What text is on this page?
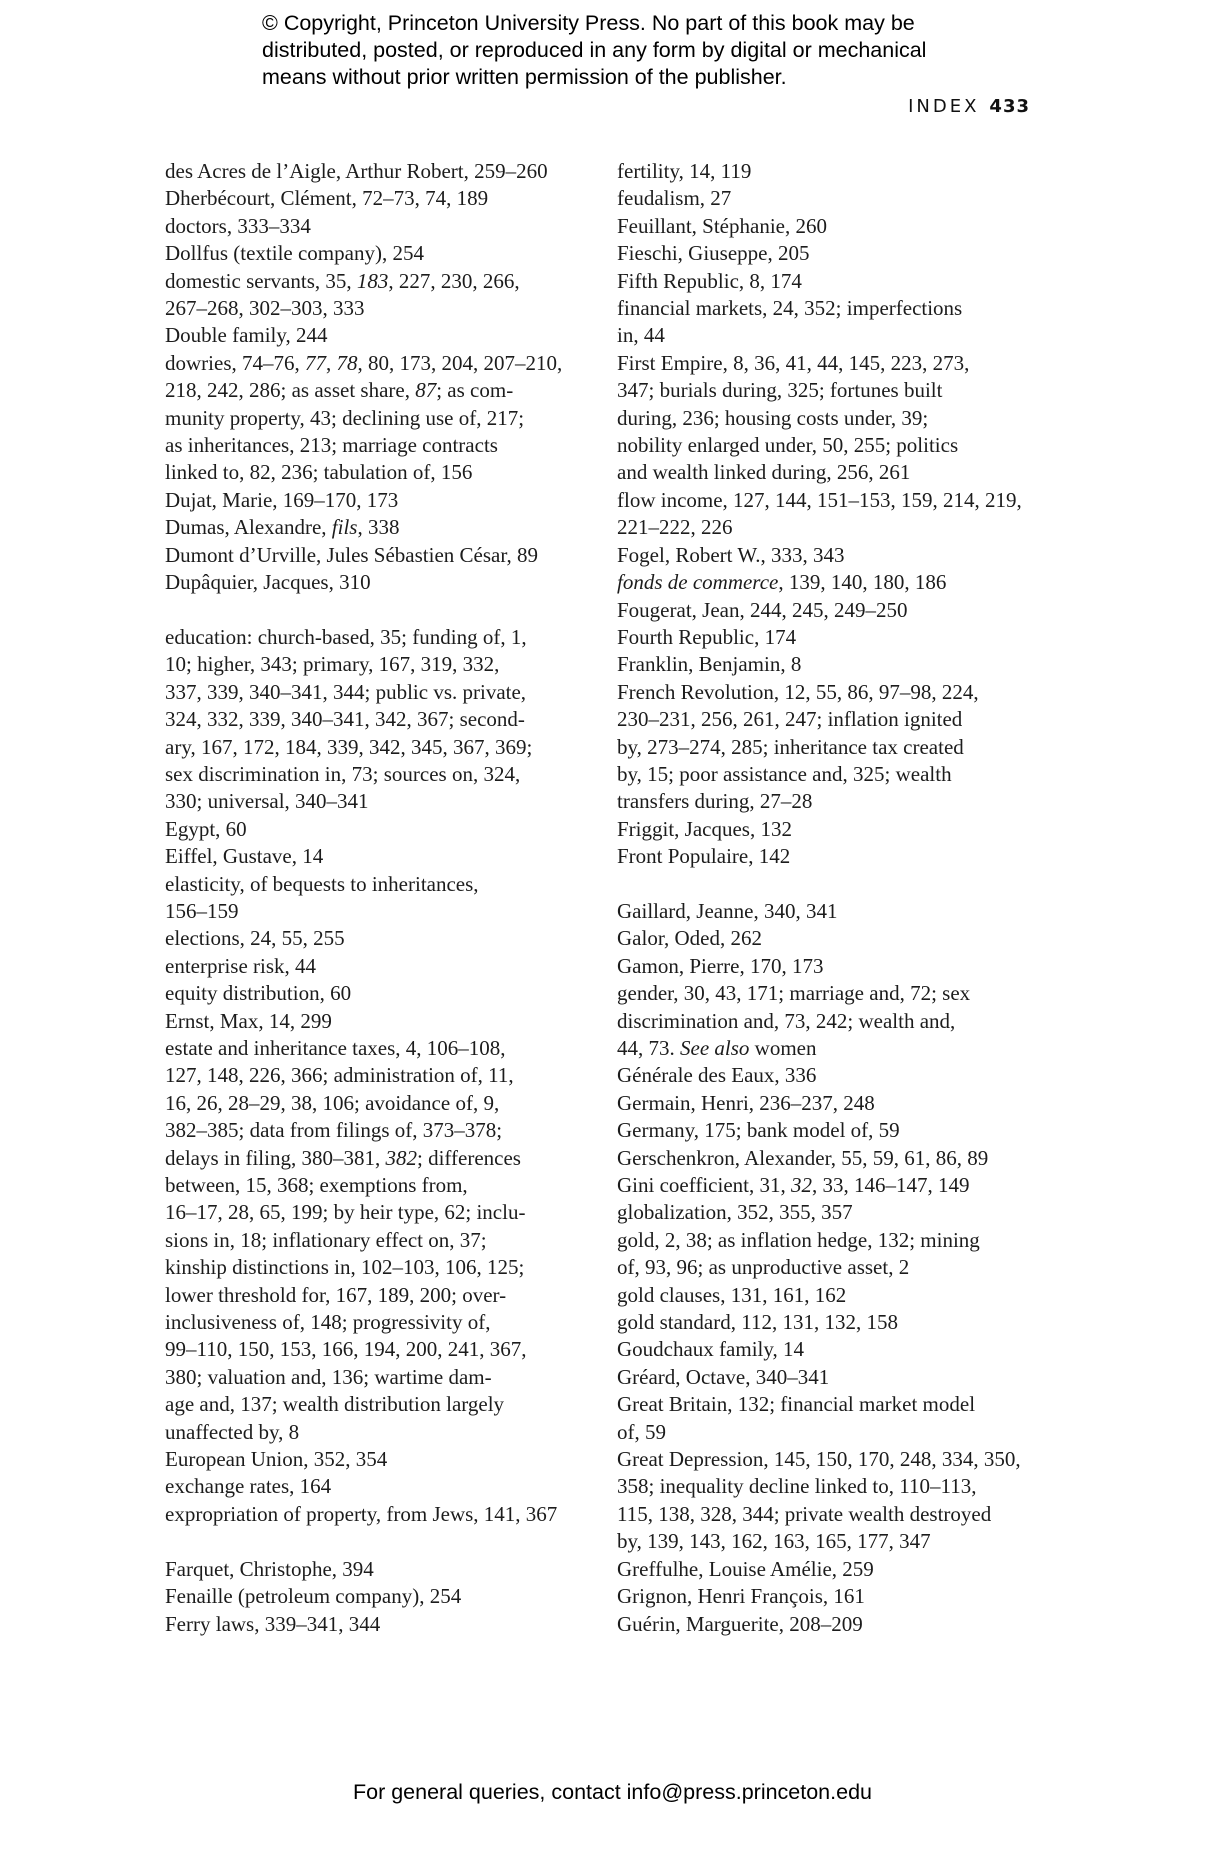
© Copyright, Princeton University Press. No part of this book may be
distributed, posted, or reproduced in any form by digital or mechanical
means without prior written permission of the publisher.
INDEX 433
des Acres de l’Aigle, Arthur Robert, 259–260
Dherbécourt, Clément, 72–73, 74, 189
doctors, 333–334
Dollfus (textile company), 254
domestic servants, 35, 183, 227, 230, 266,
267–268, 302–303, 333
Double family, 244
dowries, 74–76, 77, 78, 80, 173, 204, 207–210,
218, 242, 286; as asset share, 87; as com-
munity property, 43; declining use of, 217;
as inheritances, 213; marriage contracts
linked to, 82, 236; tabulation of, 156
Dujat, Marie, 169–170, 173
Dumas, Alexandre, fils, 338
Dumont d’Urville, Jules Sébastien César, 89
Dupâquier, Jacques, 310
education: church-based, 35; funding of, 1,
10; higher, 343; primary, 167, 319, 332,
337, 339, 340–341, 344; public vs. private,
324, 332, 339, 340–341, 342, 367; second-
ary, 167, 172, 184, 339, 342, 345, 367, 369;
sex discrimination in, 73; sources on, 324,
330; universal, 340–341
Egypt, 60
Eiffel, Gustave, 14
elasticity, of bequests to inheritances,
156–159
elections, 24, 55, 255
enterprise risk, 44
equity distribution, 60
Ernst, Max, 14, 299
estate and inheritance taxes, 4, 106–108,
127, 148, 226, 366; administration of, 11,
16, 26, 28–29, 38, 106; avoidance of, 9,
382–385; data from filings of, 373–378;
delays in filing, 380–381, 382; differences
between, 15, 368; exemptions from,
16–17, 28, 65, 199; by heir type, 62; inclu-
sions in, 18; inflationary effect on, 37;
kinship distinctions in, 102–103, 106, 125;
lower threshold for, 167, 189, 200; over-
inclusiveness of, 148; progressivity of,
99–110, 150, 153, 166, 194, 200, 241, 367,
380; valuation and, 136; wartime dam-
age and, 137; wealth distribution largely
unaffected by, 8
European Union, 352, 354
exchange rates, 164
expropriation of property, from Jews, 141, 367
Farquet, Christophe, 394
Fenaille (petroleum company), 254
Ferry laws, 339–341, 344
fertility, 14, 119
feudalism, 27
Feuillant, Stéphanie, 260
Fieschi, Giuseppe, 205
Fifth Republic, 8, 174
financial markets, 24, 352; imperfections
in, 44
First Empire, 8, 36, 41, 44, 145, 223, 273,
347; burials during, 325; fortunes built
during, 236; housing costs under, 39;
nobility enlarged under, 50, 255; politics
and wealth linked during, 256, 261
flow income, 127, 144, 151–153, 159, 214, 219,
221–222, 226
Fogel, Robert W., 333, 343
fonds de commerce, 139, 140, 180, 186
Fougerat, Jean, 244, 245, 249–250
Fourth Republic, 174
Franklin, Benjamin, 8
French Revolution, 12, 55, 86, 97–98, 224,
230–231, 256, 261, 247; inflation ignited
by, 273–274, 285; inheritance tax created
by, 15; poor assistance and, 325; wealth
transfers during, 27–28
Friggit, Jacques, 132
Front Populaire, 142
Gaillard, Jeanne, 340, 341
Galor, Oded, 262
Gamon, Pierre, 170, 173
gender, 30, 43, 171; marriage and, 72; sex
discrimination and, 73, 242; wealth and,
44, 73. See also women
Générale des Eaux, 336
Germain, Henri, 236–237, 248
Germany, 175; bank model of, 59
Gerschenkron, Alexander, 55, 59, 61, 86, 89
Gini coefficient, 31, 32, 33, 146–147, 149
globalization, 352, 355, 357
gold, 2, 38; as inflation hedge, 132; mining
of, 93, 96; as unproductive asset, 2
gold clauses, 131, 161, 162
gold standard, 112, 131, 132, 158
Goudchaux family, 14
Gréard, Octave, 340–341
Great Britain, 132; financial market model
of, 59
Great Depression, 145, 150, 170, 248, 334, 350,
358; inequality decline linked to, 110–113,
115, 138, 328, 344; private wealth destroyed
by, 139, 143, 162, 163, 165, 177, 347
Greffulhe, Louise Amélie, 259
Grignon, Henri François, 161
Guérin, Marguerite, 208–209
For general queries, contact info@press.princeton.edu
